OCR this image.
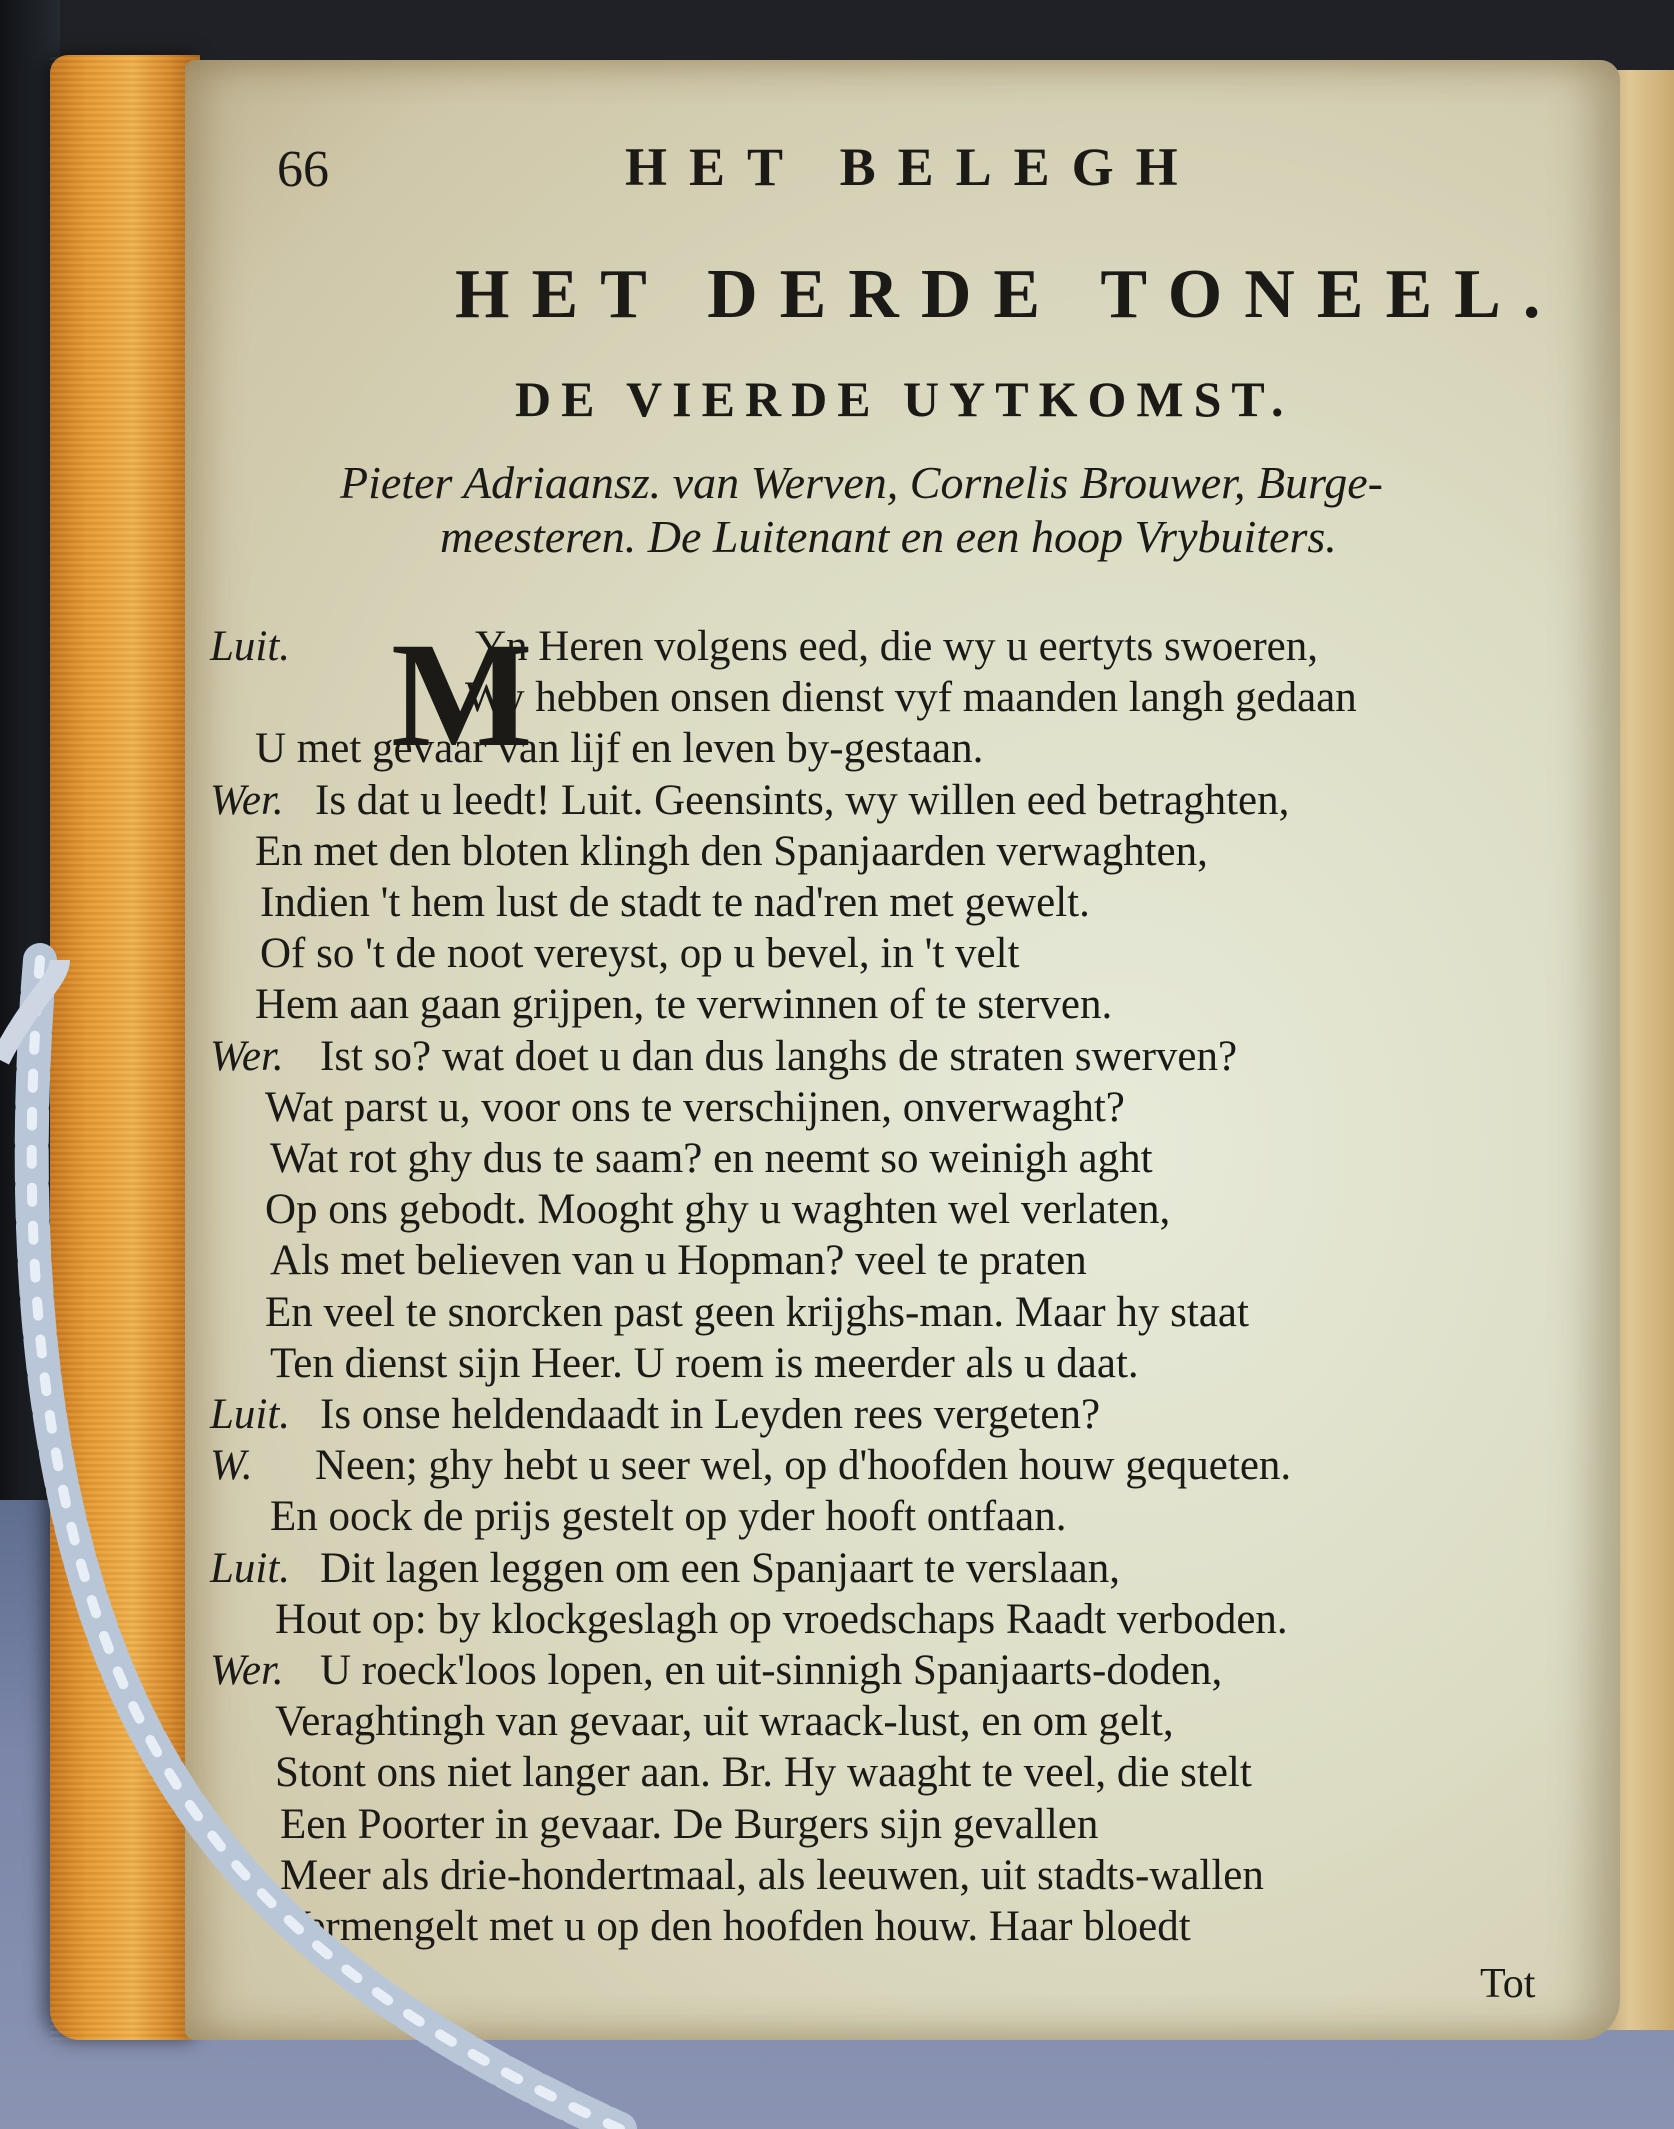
66	HET BELEGH
HET DERDE TONEEL.
DE VIERDE UYTKOMST.
Pieter Adriaansz. van Werven, Cornelis Brouwer, Burge-
meesteren. De Luitenant en een hoop Vrybuiters.
M
Luit.	Yn Heren volgens eed, die wy u eertyts swoeren,
Wy hebben onsen dienst vyf maanden langh gedaan
U met gevaar van lijf en leven by-gestaan.
Wer. Is dat u leedt! Luit. Geensints, wy willen eed betraghten,
En met den bloten klingh den Spanjaarden verwaghten,
Indien 't hem lust de stadt te nad'ren met gewelt.
Of so 't de noot vereyst, op u bevel, in 't velt
Hem aan gaan grijpen, te verwinnen of te sterven.
Wer. Ist so? wat doet u dan dus langhs de straten swerven?
Wat parst u, voor ons te verschijnen, onverwaght?
Wat rot ghy dus te saam? en neemt so weinigh aght
Op ons gebodt. Mooght ghy u waghten wel verlaten,
Als met believen van u Hopman? veel te praten
En veel te snorcken past geen krijghs-man. Maar hy staat
Ten dienst sijn Heer. U roem is meerder als u daat.
Luit. Is onse heldendaadt in Leyden rees vergeten?
W. Neen; ghy hebt u seer wel, op d'hoofden houw gequeten.
En oock de prijs gestelt op yder hooft ontfaan.
Luit. Dit lagen leggen om een Spanjaart te verslaan,
Hout op: by klockgeslagh op vroedschaps Raadt verboden.
Wer. U roeck'loos lopen, en uit-sinnigh Spanjaarts-doden,
Veraghtingh van gevaar, uit wraack-lust, en om gelt,
Stont ons niet langer aan. Br. Hy waaght te veel, die stelt
Een Poorter in gevaar. De Burgers sijn gevallen
Meer als drie-hondertmaal, als leeuwen, uit stadts-wallen
Vermengelt met u op den hoofden houw. Haar bloedt
Tot
